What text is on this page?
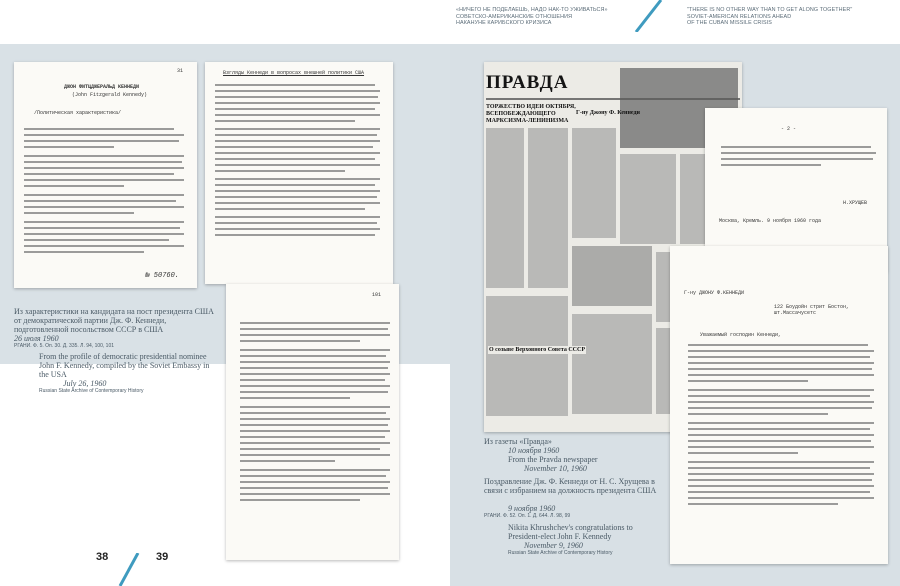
31
ДЖОН ФИТЦДЖЕРАЛЬД КЕННЕДИ
(John Fitzgerald Kennedy)
/Политическая характеристика/
№ 50760.
Взгляды Кеннеди в вопросах внешней политики США
101
Из характеристики на кандидата на пост президента США от демократической партии Дж. Ф. Кеннеди, подготовленной посольством СССР в США
26 июля 1960
РГАНИ. Ф. 5. Оп. 30. Д. 335. Л. 94, 100, 101
From the profile of democratic presidential nominee John F. Kennedy, compiled by the Soviet Embassy in the USA
July 26, 1960
Russian State Archive of Contemporary History
38
«НИЧЕГО НЕ ПОДЕЛАЕШЬ, НАДО НАК-ТО УЖИВАТЬСЯ»
СОВЕТСКО-АМЕРИКАНСКИЕ ОТНОШЕНИЯ
НАКАНУНЕ КАРИБСКОГО КРИЗИСА
"THERE IS NO OTHER WAY THAN TO GET ALONG TOGETHER"
SOVIET-AMERICAN RELATIONS AHEAD
OF THE CUBAN MISSILE CRISIS
ПРАВДА
ТОРЖЕСТВО ИДЕИ ОКТЯБРЯ, ВСЕПОБЕЖДАЮЩЕГО МАРКСИЗМА-ЛЕНИНИЗМА
Г-ну Джону Ф. Кеннеди
О созыве Верховного Совета СССР
- 2 -
Н.ХРУЩЕВ
Москва, Кремль. 9 ноября 1960 года
Г-ну ДЖОНУ Ф.КЕННЕДИ
122 Боудойн стрит Бостон, шт.Массачусетс
Уважаемый господин Кеннеди,
Из газеты «Правда»
10 ноября 1960
From the Pravda newspaper
November 10, 1960
Поздравление Дж. Ф. Кеннеди от Н. С. Хрущева в связи с избранием на должность президента США
9 ноября 1960
РГАНИ. Ф. 52. Оп. 1. Д. 644. Л. 98, 99
Nikita Khrushchev's congratulations to President-elect John F. Kennedy
November 9, 1960
Russian State Archive of Contemporary History
39
